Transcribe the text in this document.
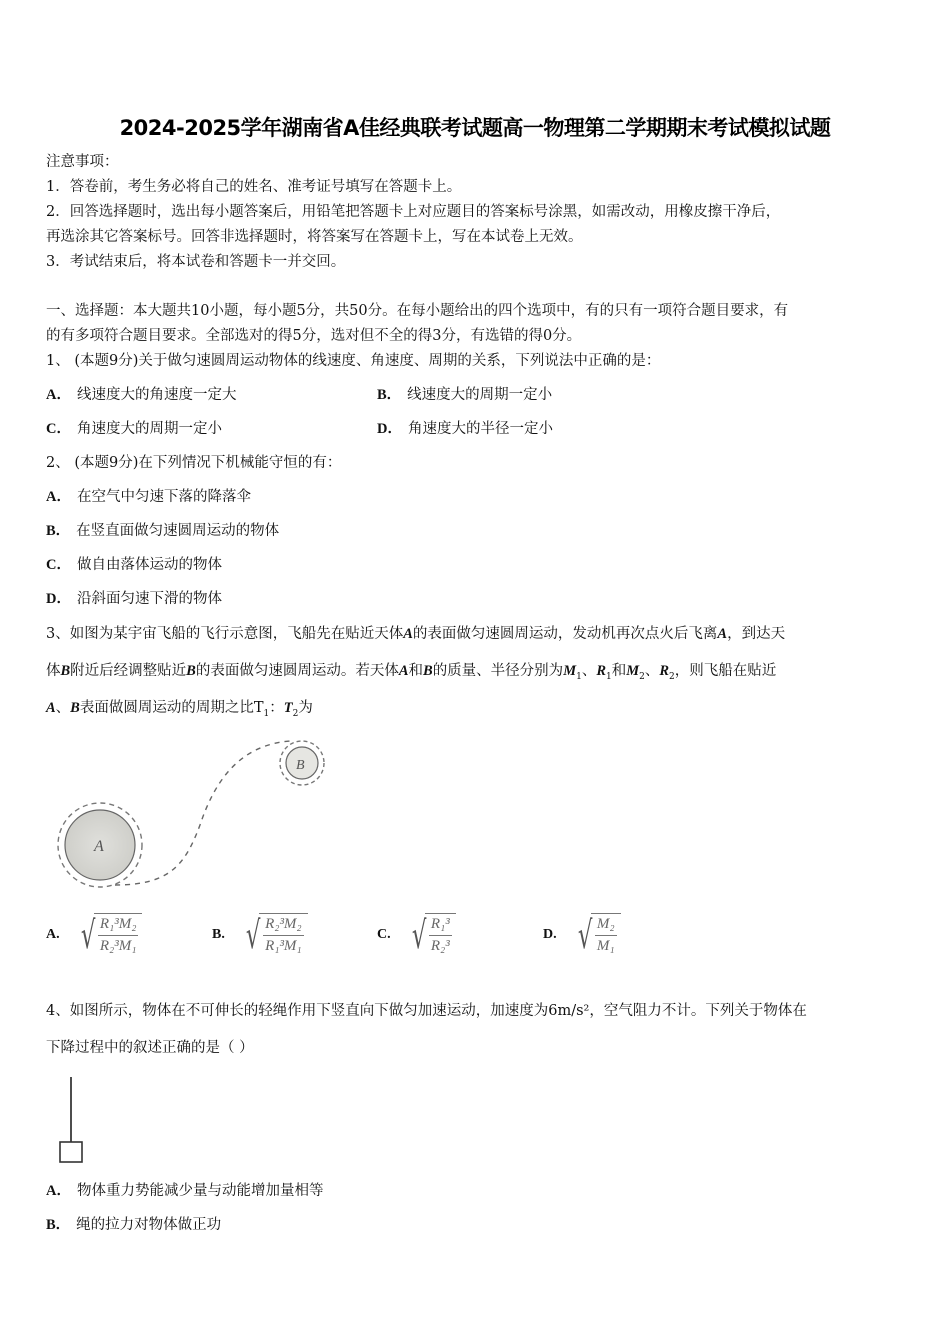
2024-2025学年湖南省A佳经典联考试题高一物理第二学期期末考试模拟试题
注意事项：
1．答卷前，考生务必将自己的姓名、准考证号填写在答题卡上。
2．回答选择题时，选出每小题答案后，用铅笔把答题卡上对应题目的答案标号涂黑，如需改动，用橡皮擦干净后，
再选涂其它答案标号。回答非选择题时，将答案写在答题卡上，写在本试卷上无效。
3．考试结束后，将本试卷和答题卡一并交回。
一、选择题：本大题共10小题，每小题5分，共50分。在每小题给出的四个选项中，有的只有一项符合题目要求，有
的有多项符合题目要求。全部选对的得5分，选对但不全的得3分，有选错的得0分。
1、 (本题9分)关于做匀速圆周运动物体的线速度、角速度、周期的关系，下列说法中正确的是：
A． 线速度大的角速度一定大	B． 线速度大的周期一定小
C． 角速度大的周期一定小	D． 角速度大的半径一定小
2、 (本题9分)在下列情况下机械能守恒的有：
A． 在空气中匀速下落的降落伞
B． 在竖直面做匀速圆周运动的物体
C． 做自由落体运动的物体
D． 沿斜面匀速下滑的物体
3、如图为某宇宙飞船的飞行示意图，飞船先在贴近天体A的表面做匀速圆周运动，发动机再次点火后飞离A，到达天
体B附近后经调整贴近B的表面做匀速圆周运动。若天体A和B的质量、半径分别为$M_1$、$R_1$和$M_2$、$R_2$，则飞船在贴近
A、B表面做圆周运动的周期之比$T_1$：$T_2$为
A
B
A. √
$\frac{\text{R₁³M₂}}{\text{R₂³M₁}}$	B. √
$\frac{\text{R₂³M₂}}{\text{R₁³M₁}}$	C. √
$\frac{\text{R₁³}}{\text{R₂³}}$	D. √
$\frac{\text{M₂}}{\text{M₁}}$
4、如图所示，物体在不可伸长的轻绳作用下竖直向下做匀加速运动，加速度为6m/s²，空气阻力不计。下列关于物体在
下降过程中的叙述正确的是（ ）
A． 物体重力势能减少量与动能增加量相等
B． 绳的拉力对物体做正功
